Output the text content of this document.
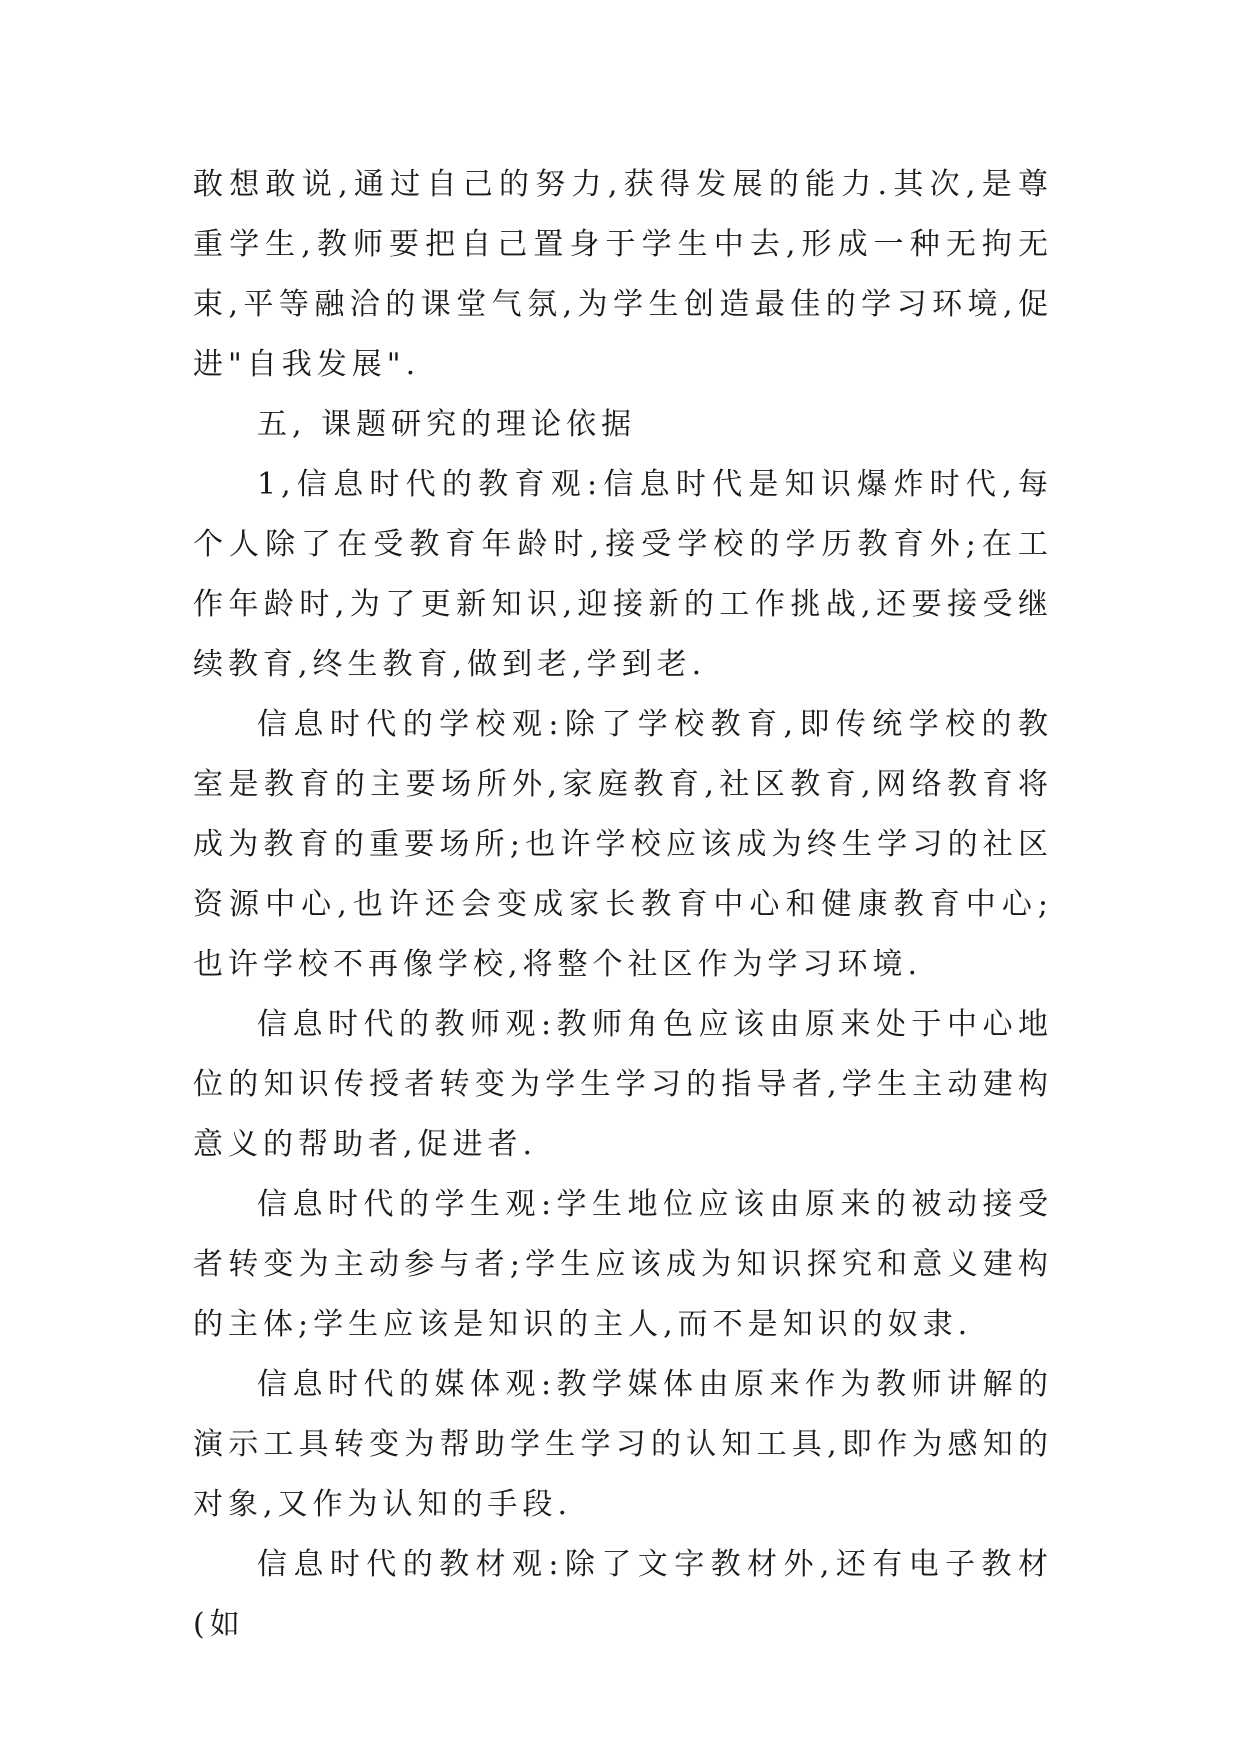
敢想敢说,通过自己的努力,获得发展的能力.其次,是尊重学生,教师要把自己置身于学生中去,形成一种无拘无束,平等融洽的课堂气氛,为学生创造最佳的学习环境,促进"自我发展".

五, 课题研究的理论依据

1,信息时代的教育观:信息时代是知识爆炸时代,每个人除了在受教育年龄时,接受学校的学历教育外;在工作年龄时,为了更新知识,迎接新的工作挑战,还要接受继续教育,终生教育,做到老,学到老.

信息时代的学校观:除了学校教育,即传统学校的教室是教育的主要场所外,家庭教育,社区教育,网络教育将成为教育的重要场所;也许学校应该成为终生学习的社区资源中心,也许还会变成家长教育中心和健康教育中心;也许学校不再像学校,将整个社区作为学习环境.

信息时代的教师观:教师角色应该由原来处于中心地位的知识传授者转变为学生学习的指导者,学生主动建构意义的帮助者,促进者.

信息时代的学生观:学生地位应该由原来的被动接受者转变为主动参与者;学生应该成为知识探究和意义建构的主体;学生应该是知识的主人,而不是知识的奴隶.

信息时代的媒体观:教学媒体由原来作为教师讲解的演示工具转变为帮助学生学习的认知工具,即作为感知的对象,又作为认知的手段.

信息时代的教材观:除了文字教材外,还有电子教材(如
